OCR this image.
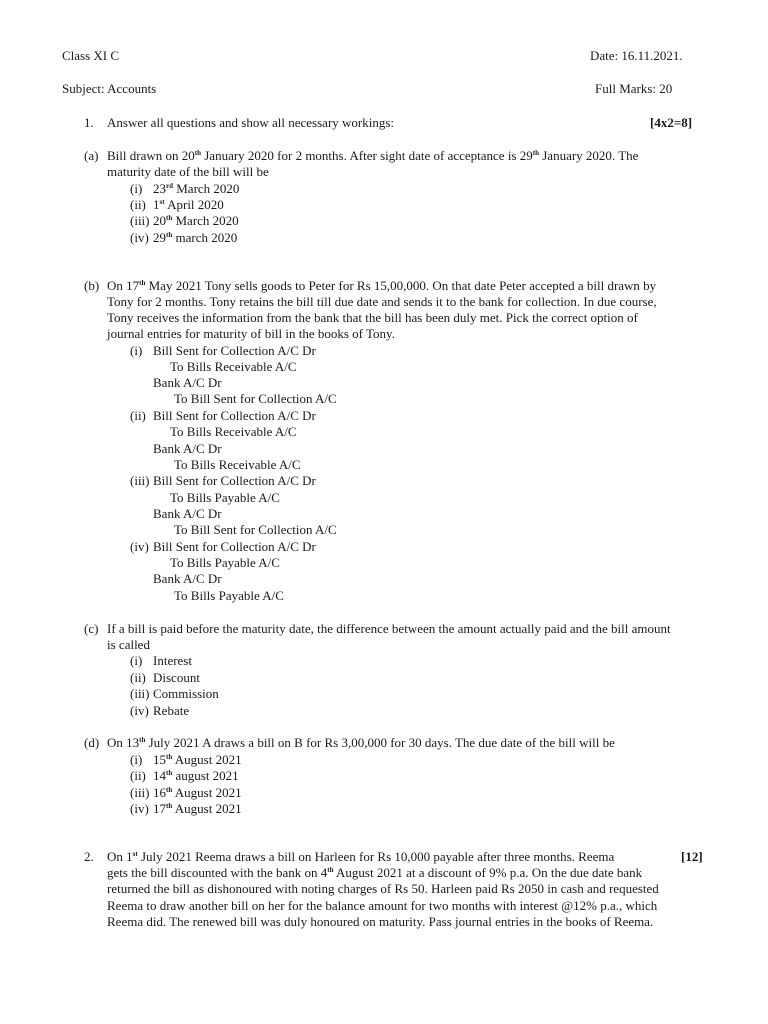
Class XI C	Date: 16.11.2021.
Subject: Accounts	Full Marks: 20
1. Answer all questions and show all necessary workings:	[4x2=8]
(a) Bill drawn on 20th January 2020 for 2 months. After sight date of acceptance is 29th January 2020. The
maturity date of the bill will be
(i) 23rd March 2020
(ii) 1st April 2020
(iii) 20th March 2020
(iv) 29th march 2020
(b) On 17th May 2021 Tony sells goods to Peter for Rs 15,00,000. On that date Peter accepted a bill drawn by
Tony for 2 months. Tony retains the bill till due date and sends it to the bank for collection. In due course,
Tony receives the information from the bank that the bill has been duly met. Pick the correct option of
journal entries for maturity of bill in the books of Tony.
(i) Bill Sent for Collection A/C Dr
To Bills Receivable A/C
Bank A/C Dr
To Bill Sent for Collection A/C
(ii) Bill Sent for Collection A/C Dr
To Bills Receivable A/C
Bank A/C Dr
To Bills Receivable A/C
(iii) Bill Sent for Collection A/C Dr
To Bills Payable A/C
Bank A/C Dr
To Bill Sent for Collection A/C
(iv) Bill Sent for Collection A/C Dr
To Bills Payable A/C
Bank A/C Dr
To Bills Payable A/C
(c) If a bill is paid before the maturity date, the difference between the amount actually paid and the bill amount
is called
(i) Interest
(ii) Discount
(iii) Commission
(iv) Rebate
(d) On 13th July 2021 A draws a bill on B for Rs 3,00,000 for 30 days. The due date of the bill will be
(i) 15th August 2021
(ii) 14th august 2021
(iii) 16th August 2021
(iv) 17th August 2021
2.	[12]
On 1st July 2021 Reema draws a bill on Harleen for Rs 10,000 payable after three months. Reema
gets the bill discounted with the bank on 4th August 2021 at a discount of 9% p.a. On the due date bank
returned the bill as dishonoured with noting charges of Rs 50. Harleen paid Rs 2050 in cash and requested
Reema to draw another bill on her for the balance amount for two months with interest @12% p.a., which
Reema did. The renewed bill was duly honoured on maturity. Pass journal entries in the books of Reema.
